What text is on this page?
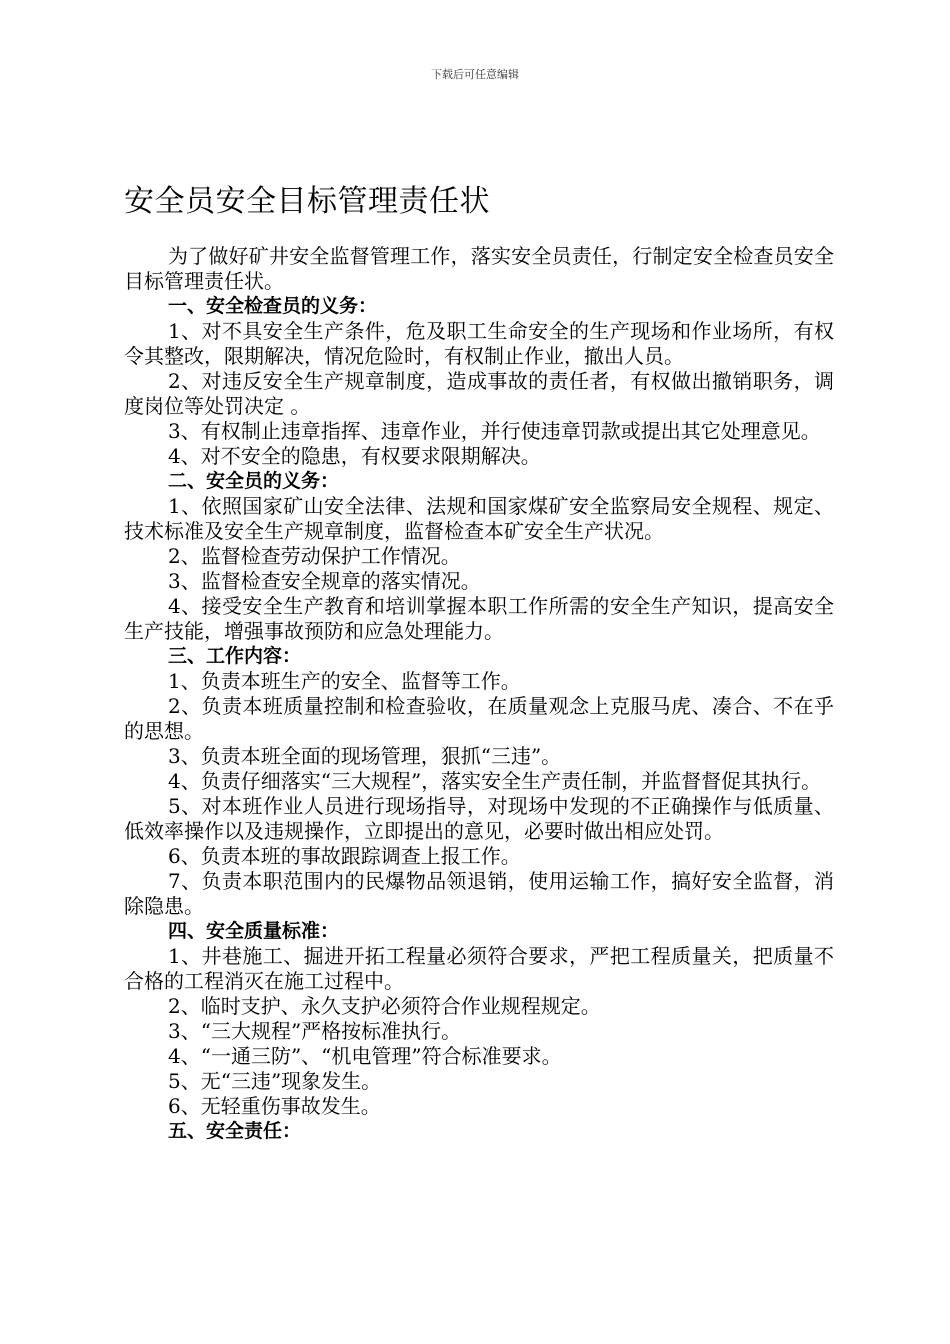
下载后可任意编辑
安全员安全目标管理责任状

为了做好矿井安全监督管理工作，落实安全员责任，行制定安全检查员安全目标管理责任状。

一、安全检查员的义务：

1、对不具安全生产条件，危及职工生命安全的生产现场和作业场所，有权令其整改，限期解决，情况危险时，有权制止作业，撤出人员。

2、对违反安全生产规章制度，造成事故的责任者，有权做出撤销职务，调度岗位等处罚决定 。

3、有权制止违章指挥、违章作业，并行使违章罚款或提出其它处理意见。

4、对不安全的隐患，有权要求限期解决。

二、安全员的义务：

1、依照国家矿山安全法律、法规和国家煤矿安全监察局安全规程、规定、技术标准及安全生产规章制度，监督检查本矿安全生产状况。

2、监督检查劳动保护工作情况。

3、监督检查安全规章的落实情况。

4、接受安全生产教育和培训掌握本职工作所需的安全生产知识，提高安全生产技能，增强事故预防和应急处理能力。

三、工作内容：

1、负责本班生产的安全、监督等工作。

2、负责本班质量控制和检查验收，在质量观念上克服马虎、凑合、不在乎的思想。

3、负责本班全面的现场管理，狠抓“三违”。

4、负责仔细落实“三大规程”，落实安全生产责任制，并监督督促其执行。

5、对本班作业人员进行现场指导，对现场中发现的不正确操作与低质量、低效率操作以及违规操作，立即提出的意见，必要时做出相应处罚。

6、负责本班的事故跟踪调查上报工作。

7、负责本职范围内的民爆物品领退销，使用运输工作，搞好安全监督，消除隐患。

四、安全质量标准：

1、井巷施工、掘进开拓工程量必须符合要求，严把工程质量关，把质量不合格的工程消灭在施工过程中。

2、临时支护、永久支护必须符合作业规程规定。

3、“三大规程”严格按标准执行。

4、“一通三防”、“机电管理”符合标准要求。

5、无“三违”现象发生。

6、无轻重伤事故发生。

五、安全责任：
